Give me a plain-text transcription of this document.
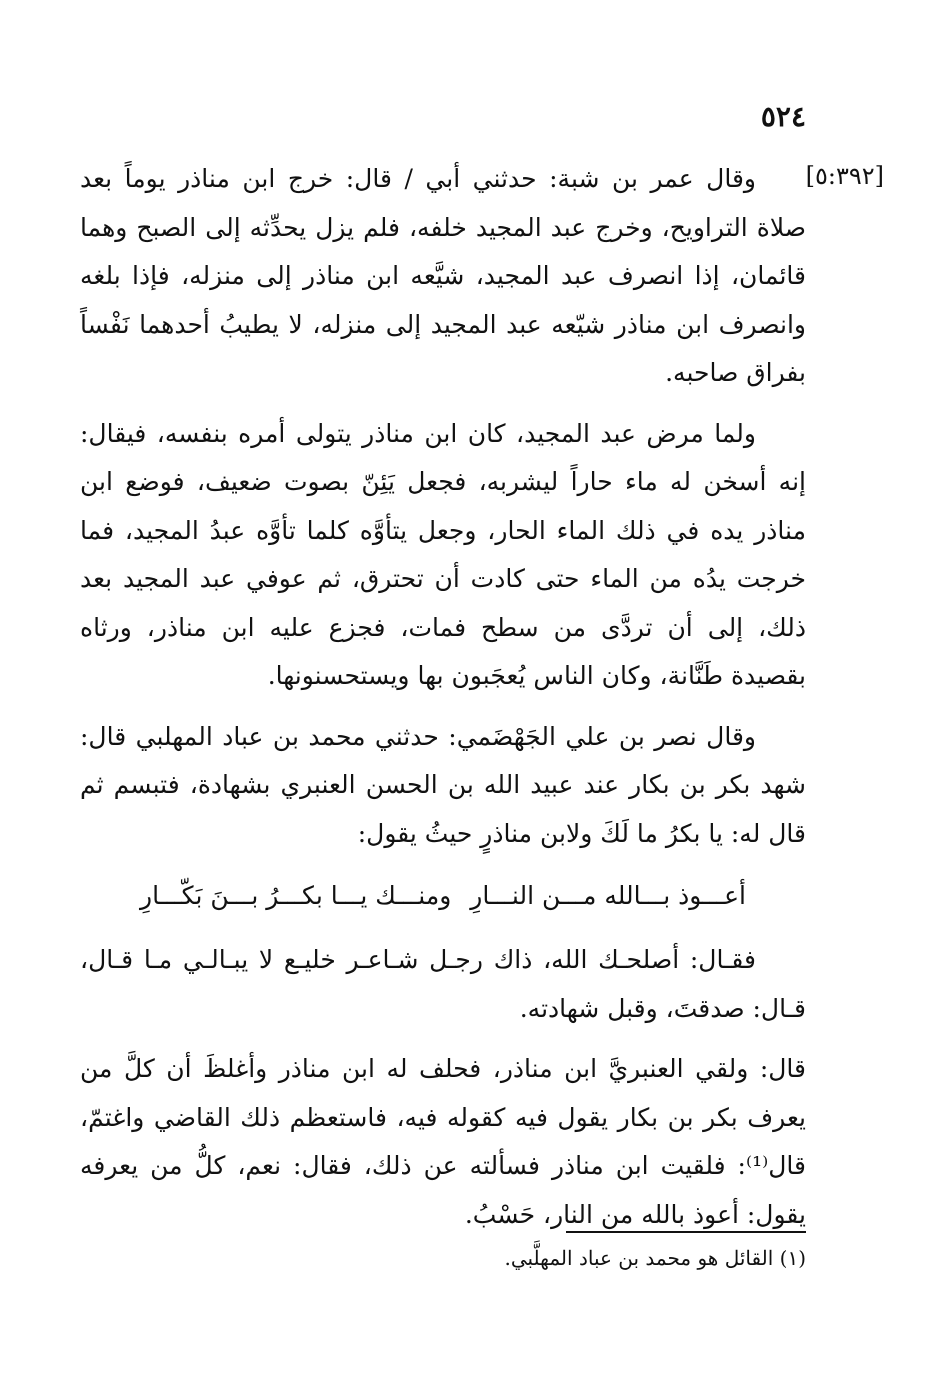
٥٢٤
[٥:٣٩٢]

وقال عمر بن شبة: حدثني أبي / قال: خرج ابن مناذر يوماً بعد صلاة التراويح، وخرج عبد المجيد خلفه، فلم يزل يحدِّثه إلى الصبح وهما قائمان، إذا انصرف عبد المجيد، شيَّعه ابن مناذر إلى منزله، فإذا بلغه وانصرف ابن مناذر شيّعه عبد المجيد إلى منزله، لا يطيبُ أحدهما نَفْساً بفراق صاحبه.

ولما مرض عبد المجيد، كان ابن مناذر يتولى أمره بنفسه، فيقال: إنه أسخن له ماء حاراً ليشربه، فجعل يَئِنّ بصوت ضعيف، فوضع ابن مناذر يده في ذلك الماء الحار، وجعل يتأوَّه كلما تأوَّه عبدُ المجيد، فما خرجت يدُه من الماء حتى كادت أن تحترق، ثم عوفي عبد المجيد بعد ذلك، إلى أن تردَّى من سطح فمات، فجزع عليه ابن مناذر، ورثاه بقصيدة طَنَّانة، وكان الناس يُعجَبون بها ويستحسنونها.

وقال نصر بن علي الجَهْضَمي: حدثني محمد بن عباد المهلبي قال: شهد بكر بن بكار عند عبيد الله بن الحسن العنبري بشهادة، فتبسم ثم قال له: يا بكرُ ما لَكَ ولابن مناذرٍ حيثُ يقول:

أعـــوذ بـــالله مـــن النـــارِ
ومنـــك يـــا بكـــرُ بـــنَ بَكّـــارِ

فقـال: أصلحـك الله، ذاك رجـل شـاعـر خليـع لا يبـالـي مـا قـال، قـال: صدقتَ، وقبل شهادته.

قال: ولقي العنبريَّ ابن مناذر، فحلف له ابن مناذر وأغلظَ أن كلَّ من يعرف بكر بن بكار يقول فيه كقوله فيه، فاستعظم ذلك القاضي واغتمّ، قال⁽¹⁾: فلقيت ابن مناذر فسألته عن ذلك، فقال: نعم، كلُّ من يعرفه يقول: أعوذ بالله من النار، حَسْبُ.

(١) القائل هو محمد بن عباد المهلَّبي.
